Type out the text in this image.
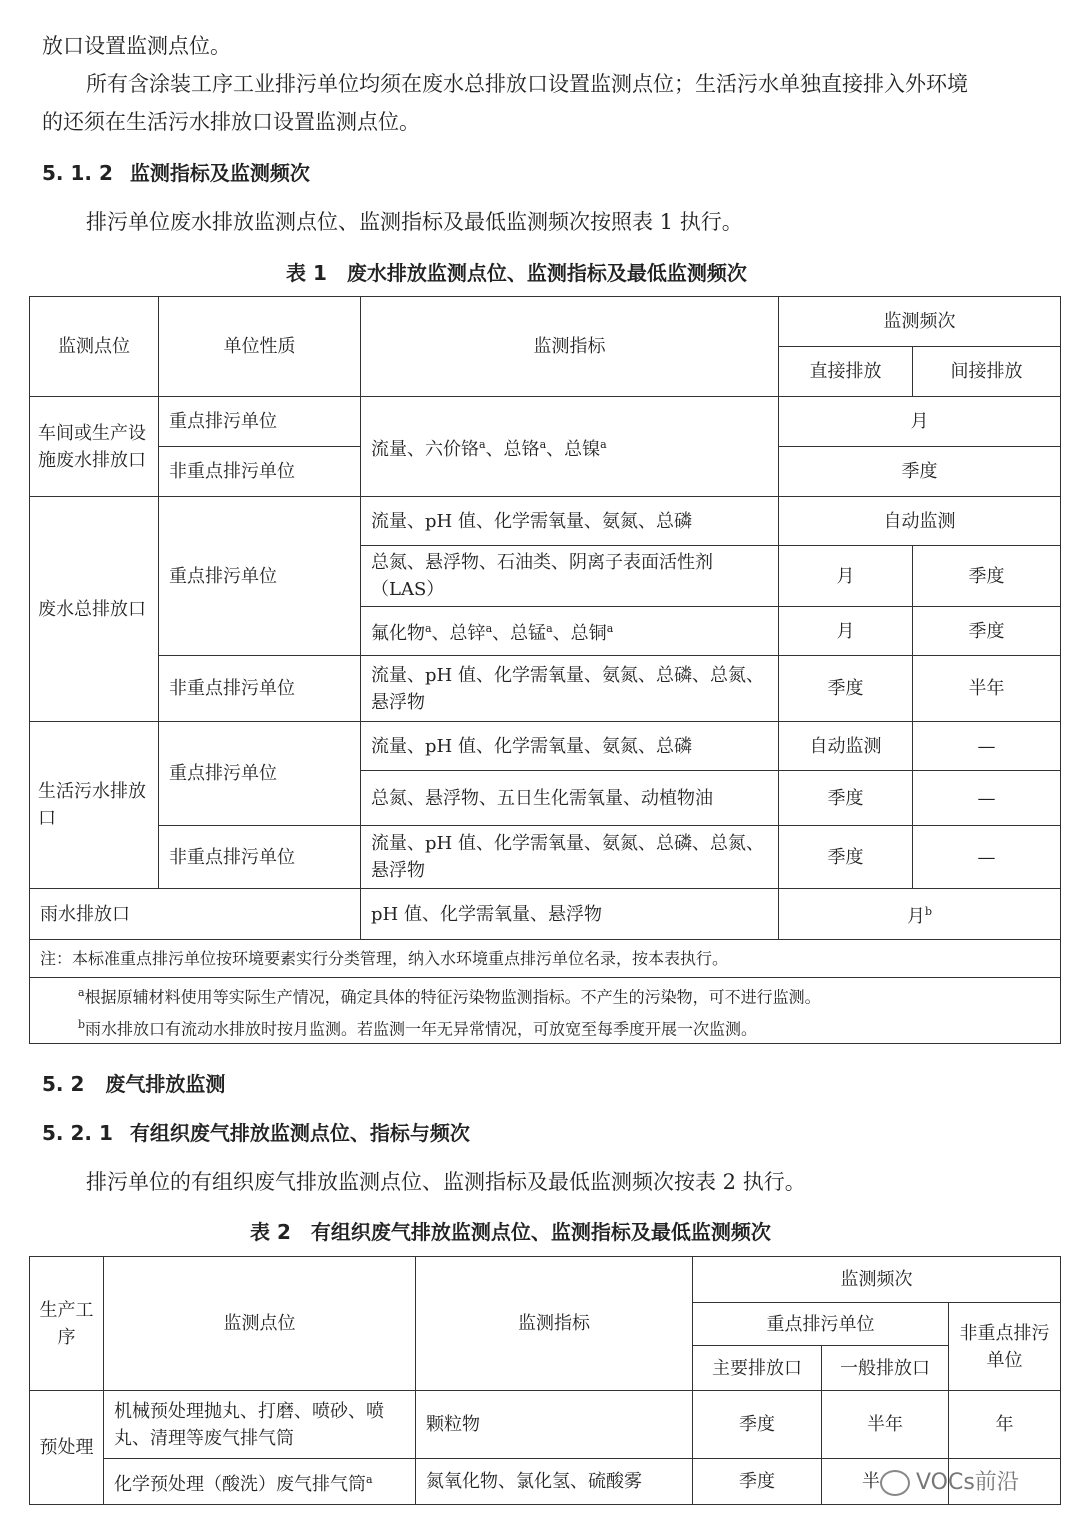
放口设置监测点位。
所有含涂装工序工业排污单位均须在废水总排放口设置监测点位；生活污水单独直接排入外环境
的还须在生活污水排放口设置监测点位。
5. 1. 2 监测指标及监测频次
排污单位废水排放监测点位、监测指标及最低监测频次按照表 1 执行。
表 1　废水排放监测点位、监测指标及最低监测频次
监测点位	单位性质	监测指标	监测频次	
			直接排放	间接排放
车间或生产设施废水排放口	重点排污单位	流量、六价铬$^a$、总铬$^a$、总镍$^a$	月	
	非重点排污单位		季度	
废水总排放口	重点排污单位	流量、pH 值、化学需氧量、氨氮、总磷	自动监测	
		总氮、悬浮物、石油类、阴离子表面活性剂（LAS）	月	季度
		氟化物$^a$、总锌$^a$、总锰$^a$、总铜$^a$	月	季度
	非重点排污单位	流量、pH 值、化学需氧量、氨氮、总磷、总氮、悬浮物	季度	半年
生活污水排放口	重点排污单位	流量、pH 值、化学需氧量、氨氮、总磷	自动监测	—
		总氮、悬浮物、五日生化需氧量、动植物油	季度	—
	非重点排污单位	流量、pH 值、化学需氧量、氨氮、总磷、总氮、悬浮物	季度	—
雨水排放口		pH 值、化学需氧量、悬浮物	月$^b$
注：本标准重点排污单位按环境要素实行分类管理，纳入水环境重点排污单位名录，按本表执行。				

$^a$根据原辅材料使用等实际生产情况，确定具体的特征污染物监测指标。不产生的污染物，可不进行监测。
$^b$雨水排放口有流动水排放时按月监测。若监测一年无异常情况，可放宽至每季度开展一次监测。				
5. 2 废气排放监测
5. 2. 1 有组织废气排放监测点位、指标与频次
排污单位的有组织废气排放监测点位、监测指标及最低监测频次按表 2 执行。
表 2　有组织废气排放监测点位、监测指标及最低监测频次
生产工序	监测点位	监测指标	监测频次		
			重点排污单位		非重点排污单位
			主要排放口	一般排放口	
预处理	机械预处理抛丸、打磨、喷砂、喷丸、清理等废气排气筒	颗粒物	季度	半年	年
	化学预处理（酸洗）废气排气筒$^a$	氮氧化物、氯化氢、硫酸雾	季度	半		VOCs前沿
